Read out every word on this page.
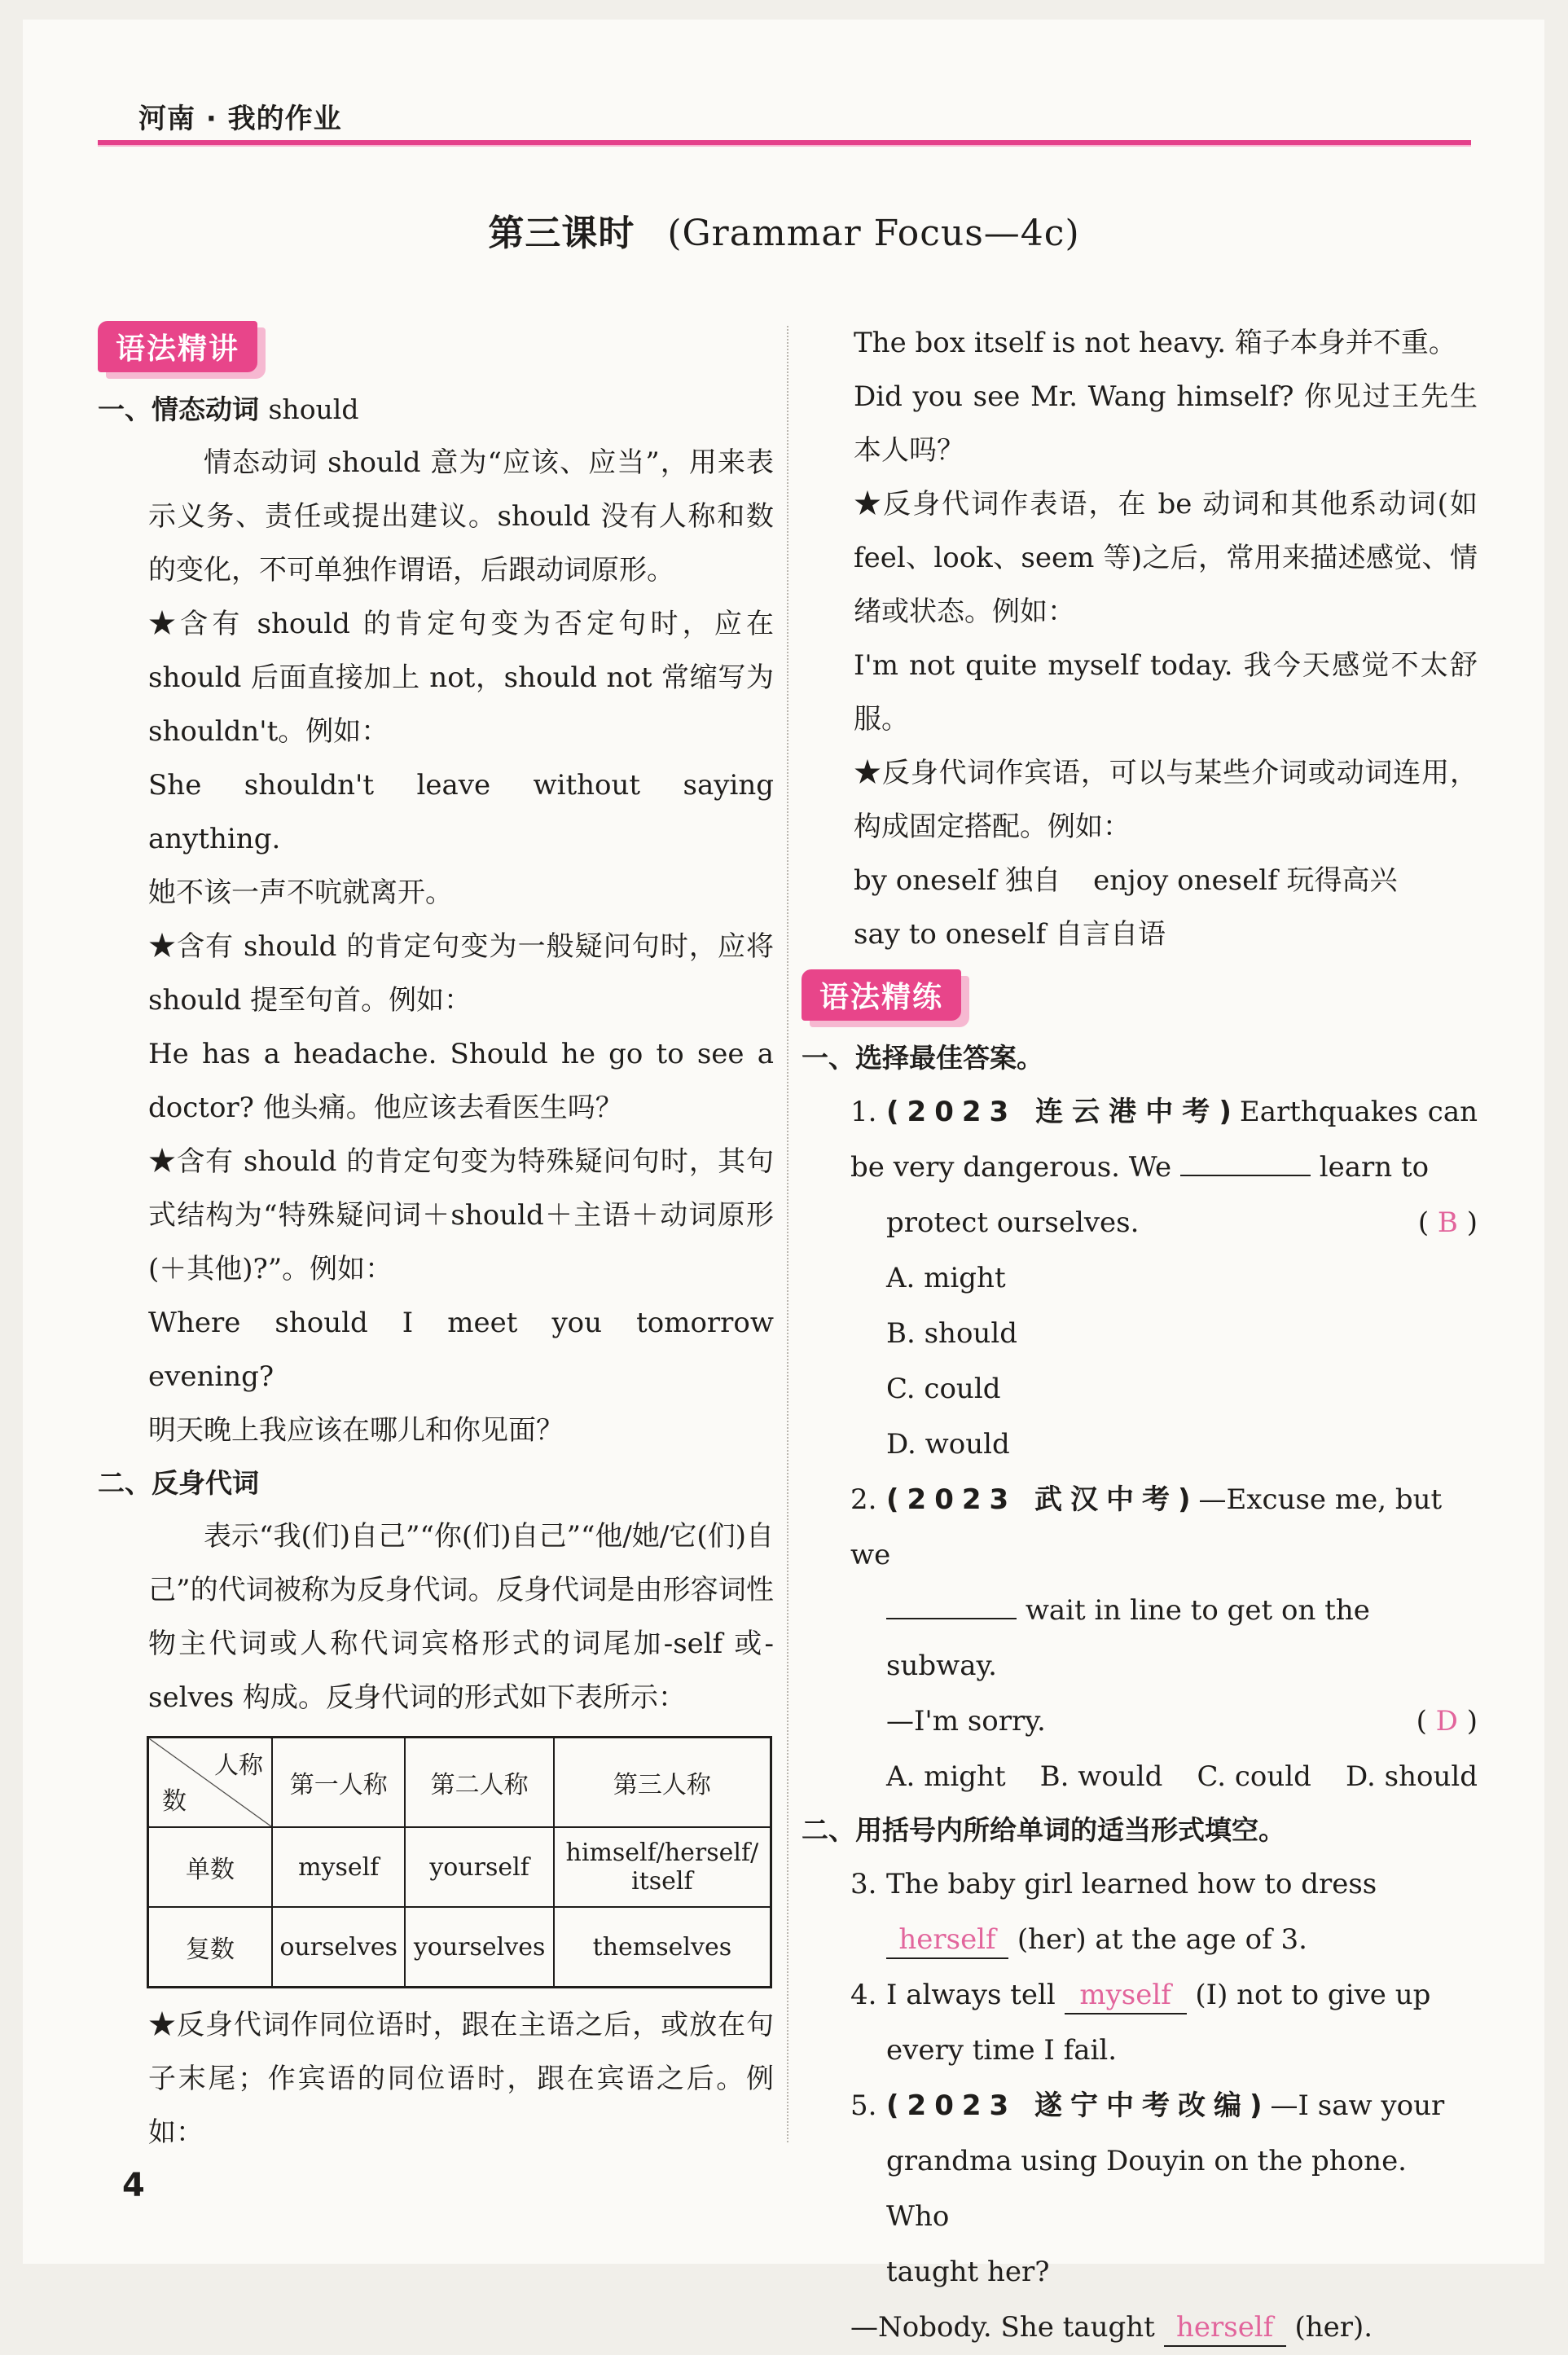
河南 · 我的作业
第三课时 (Grammar Focus—4c)
语法精讲
一、情态动词 should

情态动词 should 意为“应该、应当”，用来表示义务、责任或提出建议。should 没有人称和数的变化，不可单独作谓语，后跟动词原形。

★含有 should 的肯定句变为否定句时，应在 should 后面直接加上 not，should not 常缩写为 shouldn't。例如：

She shouldn't leave without saying anything.

她不该一声不吭就离开。

★含有 should 的肯定句变为一般疑问句时，应将 should 提至句首。例如：

He has a headache. Should he go to see a doctor? 他头痛。他应该去看医生吗？

★含有 should 的肯定句变为特殊疑问句时，其句式结构为“特殊疑问词＋should＋主语＋动词原形(＋其他)?”。例如：

Where should I meet you tomorrow evening?

明天晚上我应该在哪儿和你见面？

二、反身代词

表示“我(们)自己”“你(们)自己”“他/她/它(们)自己”的代词被称为反身代词。反身代词是由形容词性物主代词或人称代词宾格形式的词尾加-self 或-selves 构成。反身代词的形式如下表所示：

人称
数	第一人称	第二人称	第三人称
单数	myself	yourself	himself/herself/
itself

复数	ourselves	yourselves	themselves

★反身代词作同位语时，跟在主语之后，或放在句子末尾；作宾语的同位语时，跟在宾语之后。例如：

The box itself is not heavy. 箱子本身并不重。

Did you see Mr. Wang himself? 你见过王先生本人吗？

★反身代词作表语，在 be 动词和其他系动词(如 feel、look、seem 等)之后，常用来描述感觉、情绪或状态。例如：

I'm not quite myself today. 我今天感觉不太舒服。

★反身代词作宾语，可以与某些介词或动词连用，构成固定搭配。例如：

by oneself 独自 enjoy oneself 玩得高兴

say to oneself 自言自语

语法精练
一、选择最佳答案。

1. (2023 连云港中考)Earthquakes can be very dangerous. We	learn to

protect ourselves.	( B )

A. might
B. should
C. could
D. would

2. (2023 武汉中考)—Excuse me, but we

wait in line to get on the subway.

—I'm sorry.	( D )

A. might B. would C. could D. should
二、用括号内所给单词的适当形式填空。

3. The baby girl learned how to dress

herself (her) at the age of 3.

4. I always tell myself (I) not to give up

every time I fail.

5. (2023 遂宁中考改编)—I saw your

grandma using Douyin on the phone. Who

taught her?

—Nobody. She taught herself (her).

4
